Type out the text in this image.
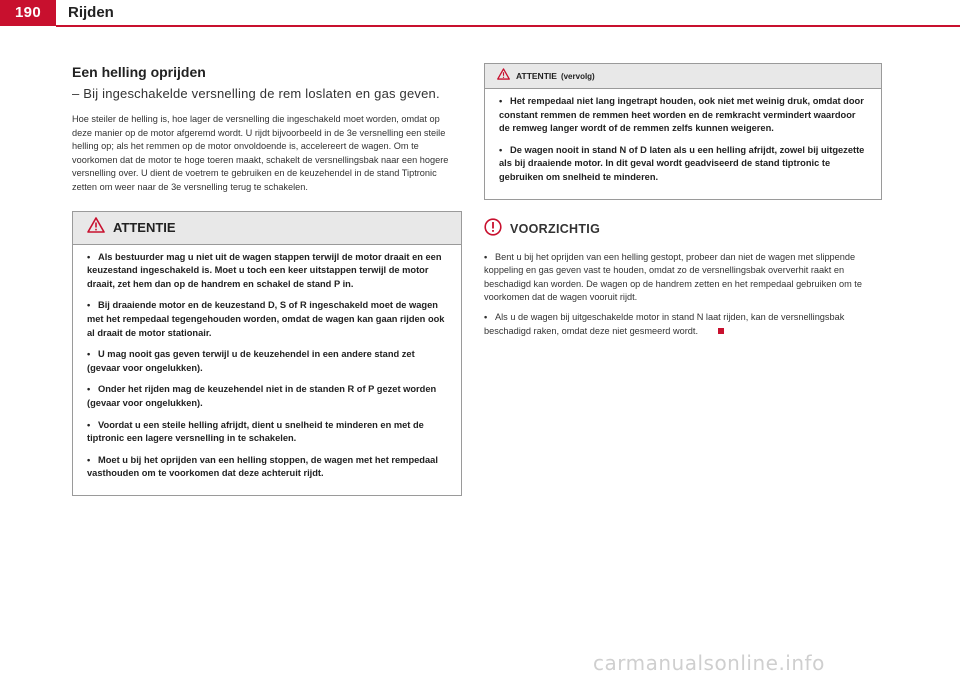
190	Rijden
Een helling oprijden

– Bij ingeschakelde versnelling de rem loslaten en gas geven.

Hoe steiler de helling is, hoe lager de versnelling die ingeschakeld moet worden, omdat op deze manier op de motor afgeremd wordt. U rijdt bijvoorbeeld in de 3e versnelling een steile helling op; als het remmen op de motor onvoldoende is, accelereert de wagen. Om te voorkomen dat de motor te hoge toeren maakt, schakelt de versnellingsbak naar een hogere versnelling over. U dient de voetrem te gebruiken en de keuzehendel in de stand Tiptronic zetten om weer naar de 3e versnelling terug te schakelen.

ATTENTIE

• Als bestuurder mag u niet uit de wagen stappen terwijl de motor draait en een keuzestand ingeschakeld is. Moet u toch een keer uitstappen terwijl de motor draait, zet hem dan op de handrem en schakel de stand P in.

• Bij draaiende motor en de keuzestand D, S of R ingeschakeld moet de wagen met het rempedaal tegengehouden worden, omdat de wagen kan gaan rijden ook al draait de motor stationair.

• U mag nooit gas geven terwijl u de keuzehendel in een andere stand zet (gevaar voor ongelukken).

• Onder het rijden mag de keuzehendel niet in de standen R of P gezet worden (gevaar voor ongelukken).

• Voordat u een steile helling afrijdt, dient u snelheid te minderen en met de tiptronic een lagere versnelling in te schakelen.

• Moet u bij het oprijden van een helling stoppen, de wagen met het rempedaal vasthouden om te voorkomen dat deze achteruit rijdt.

ATTENTIE (vervolg)

• Het rempedaal niet lang ingetrapt houden, ook niet met weinig druk, omdat door constant remmen de remmen heet worden en de remkracht vermindert waardoor de remweg langer wordt of de remmen zelfs kunnen weigeren.

• De wagen nooit in stand N of D laten als u een helling afrijdt, zowel bij uitgezette als bij draaiende motor. In dit geval wordt geadviseerd de stand tiptronic te gebruiken om snelheid te minderen.

VOORZICHTIG

• Bent u bij het oprijden van een helling gestopt, probeer dan niet de wagen met slippende koppeling en gas geven vast te houden, omdat zo de versnellingsbak oververhit raakt en beschadigd kan worden. De wagen op de handrem zetten en het rempedaal gebruiken om te voorkomen dat de wagen vooruit rijdt.

• Als u de wagen bij uitgeschakelde motor in stand N laat rijden, kan de versnellingsbak beschadigd raken, omdat deze niet gesmeerd wordt.

carmanualsonline.info
